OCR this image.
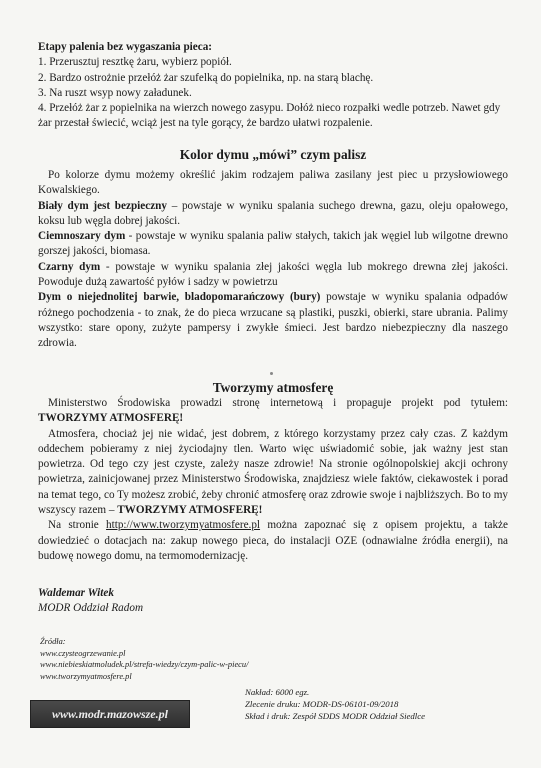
Etapy palenia bez wygaszania pieca:

1. Przerusztuj resztkę żaru, wybierz popiół.

2. Bardzo ostrożnie przełóż żar szufelką do popielnika, np. na starą blachę.

3. Na ruszt wsyp nowy załadunek.

4. Przełóż żar z popielnika na wierzch nowego zasypu. Dołóż nieco rozpałki wedle potrzeb. Nawet gdy żar przestał świecić, wciąż jest na tyle gorący, że bardzo ułatwi rozpalenie.

Kolor dymu „mówi” czym palisz

Po kolorze dymu możemy określić jakim rodzajem paliwa zasilany jest piec u przysłowiowego Kowalskiego.

Biały dym jest bezpieczny – powstaje w wyniku spalania suchego drewna, gazu, oleju opałowego, koksu lub węgla dobrej jakości.

Ciemnoszary dym - powstaje w wyniku spalania paliw stałych, takich jak węgiel lub wilgotne drewno gorszej jakości, biomasa.

Czarny dym - powstaje w wyniku spalania złej jakości węgla lub mokrego drewna złej jakości. Powoduje dużą zawartość pyłów i sadzy w powietrzu

Dym o niejednolitej barwie, bladopomarańczowy (bury) powstaje w wyniku spalania odpadów różnego pochodzenia - to znak, że do pieca wrzucane są plastiki, puszki, obierki, stare ubrania. Palimy wszystko: stare opony, zużyte pampersy i zwykłe śmieci. Jest bardzo niebezpieczny dla naszego zdrowia.

Tworzymy atmosferę

Ministerstwo Środowiska prowadzi stronę internetową i propaguje projekt pod tytułem: TWORZYMY ATMOSFERĘ!

Atmosfera, chociaż jej nie widać, jest dobrem, z którego korzystamy przez cały czas. Z każdym oddechem pobieramy z niej życiodajny tlen. Warto więc uświadomić sobie, jak ważny jest stan powietrza. Od tego czy jest czyste, zależy nasze zdrowie! Na stronie ogólnopolskiej akcji ochrony powietrza, zainicjowanej przez Ministerstwo Środowiska, znajdziesz wiele faktów, ciekawostek i porad na temat tego, co Ty możesz zrobić, żeby chronić atmosferę oraz zdrowie swoje i najbliższych. Bo to my wszyscy razem – TWORZYMY ATMOSFERĘ!

Na stronie http://www.tworzymyatmosfere.pl można zapoznać się z opisem projektu, a także dowiedzieć o dotacjach na: zakup nowego pieca, do instalacji OZE (odnawialne źródła energii), na budowę nowego domu, na termomodernizację.

Waldemar Witek

MODR Oddział Radom

Źródła:

www.czysteogrzewanie.pl

www.niebieskiatmoludek.pl/strefa-wiedzy/czym-palic-w-piecu/

www.tworzymyatmosfere.pl

Nakład: 6000 egz.

Zlecenie druku: MODR-DS-06101-09/2018

Skład i druk: Zespół SDDS MODR Oddział Siedlce

www.modr.mazowsze.pl
